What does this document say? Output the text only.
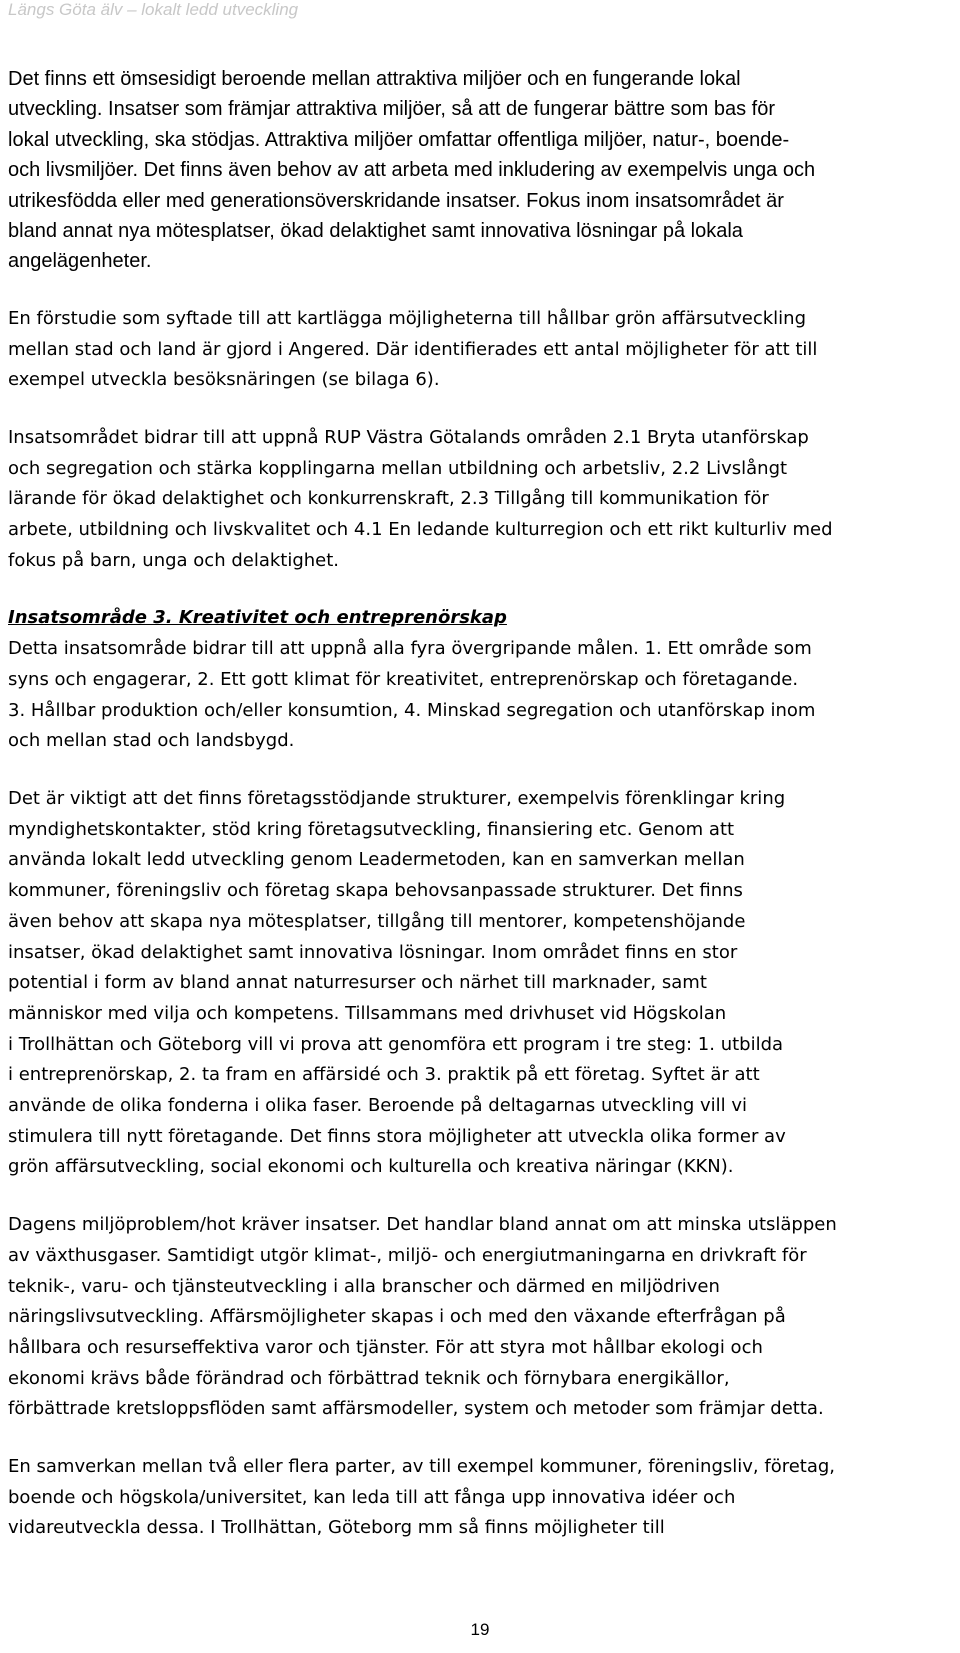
Längs Göta älv – lokalt ledd utveckling
Det finns ett ömsesidigt beroende mellan attraktiva miljöer och en fungerande lokal
utveckling. Insatser som främjar attraktiva miljöer, så att de fungerar bättre som bas för
lokal utveckling, ska stödjas. Attraktiva miljöer omfattar offentliga miljöer, natur-, boende-
och livsmiljöer. Det finns även behov av att arbeta med inkludering av exempelvis unga och
utrikesfödda eller med generationsöverskridande insatser. Fokus inom insatsområdet är
bland annat nya mötesplatser, ökad delaktighet samt innovativa lösningar på lokala
angelägenheter.
En förstudie som syftade till att kartlägga möjligheterna till hållbar grön affärsutveckling
mellan stad och land är gjord i Angered. Där identifierades ett antal möjligheter för att till
exempel utveckla besöksnäringen (se bilaga 6).
Insatsområdet bidrar till att uppnå RUP Västra Götalands områden 2.1 Bryta utanförskap
och segregation och stärka kopplingarna mellan utbildning och arbetsliv, 2.2 Livslångt
lärande för ökad delaktighet och konkurrenskraft, 2.3 Tillgång till kommunikation för
arbete, utbildning och livskvalitet och 4.1 En ledande kulturregion och ett rikt kulturliv med
fokus på barn, unga och delaktighet.
Insatsområde 3. Kreativitet och entreprenörskap
Detta insatsområde bidrar till att uppnå alla fyra övergripande målen. 1. Ett område som
syns och engagerar, 2. Ett gott klimat för kreativitet, entreprenörskap och företagande.
3. Hållbar produktion och/eller konsumtion, 4. Minskad segregation och utanförskap inom
och mellan stad och landsbygd.
Det är viktigt att det finns företagsstödjande strukturer, exempelvis förenklingar kring
myndighetskontakter, stöd kring företagsutveckling, finansiering etc. Genom att
använda lokalt ledd utveckling genom Leadermetoden, kan en samverkan mellan
kommuner, föreningsliv och företag skapa behovsanpassade strukturer. Det finns
även behov att skapa nya mötesplatser, tillgång till mentorer, kompetenshöjande
insatser, ökad delaktighet samt innovativa lösningar. Inom området finns en stor
potential i form av bland annat naturresurser och närhet till marknader, samt
människor med vilja och kompetens. Tillsammans med drivhuset vid Högskolan
i Trollhättan och Göteborg vill vi prova att genomföra ett program i tre steg: 1. utbilda
i entreprenörskap, 2. ta fram en affärsidé och 3. praktik på ett företag. Syftet är att
använde de olika fonderna i olika faser. Beroende på deltagarnas utveckling vill vi
stimulera till nytt företagande. Det finns stora möjligheter att utveckla olika former av
grön affärsutveckling, social ekonomi och kulturella och kreativa näringar (KKN).
Dagens miljöproblem/hot kräver insatser. Det handlar bland annat om att minska utsläppen
av växthusgaser. Samtidigt utgör klimat-, miljö- och energiutmaningarna en drivkraft för
teknik-, varu- och tjänsteutveckling i alla branscher och därmed en miljödriven
näringslivsutveckling. Affärsmöjligheter skapas i och med den växande efterfrågan på
hållbara och resurseffektiva varor och tjänster. För att styra mot hållbar ekologi och
ekonomi krävs både förändrad och förbättrad teknik och förnybara energikällor,
förbättrade kretsloppsflöden samt affärsmodeller, system och metoder som främjar detta.
En samverkan mellan två eller flera parter, av till exempel kommuner, föreningsliv, företag,
boende och högskola/universitet, kan leda till att fånga upp innovativa idéer och
vidareutveckla dessa. I Trollhättan, Göteborg mm så finns möjligheter till
19
